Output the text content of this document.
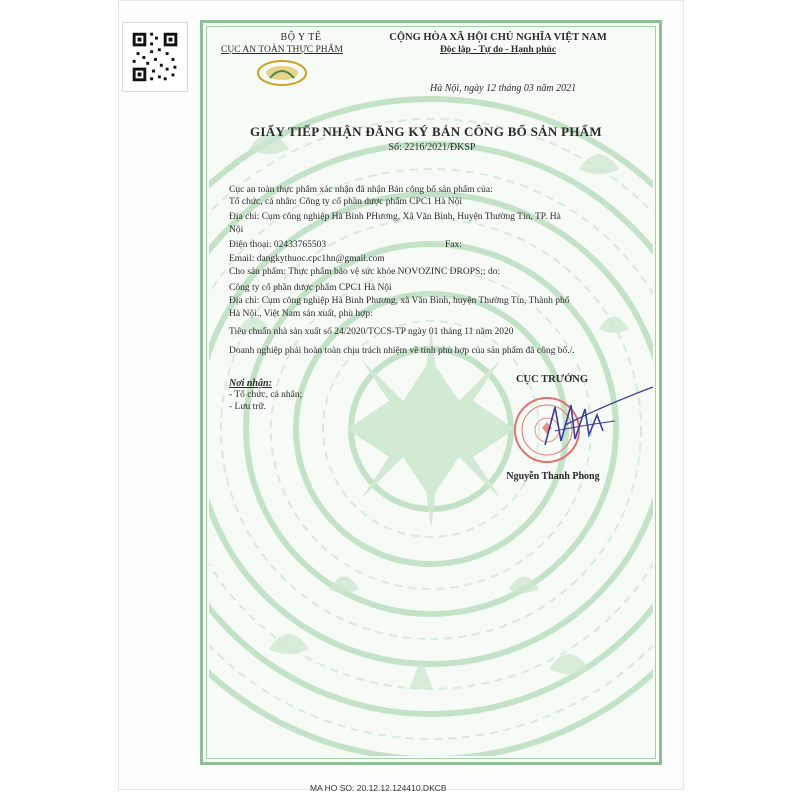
BỘ Y TẾ
CỤC AN TOÀN THỰC PHẨM
CỘNG HÒA XÃ HỘI CHỦ NGHĨA VIỆT NAM
Độc lập - Tự do - Hạnh phúc
Hà Nội, ngày 12 tháng 03 năm 2021
GIẤY TIẾP NHẬN ĐĂNG KÝ BẢN CÔNG BỐ SẢN PHẨM
Số: 2216/2021/ĐKSP
Cục an toàn thực phẩm xác nhận đã nhận Bản công bố sản phẩm của:
Tổ chức, cá nhân: Công ty cổ phần dược phẩm CPC1 Hà Nội
Địa chỉ: Cụm công nghiệp Hà Bình PHương, Xã Văn Bình, Huyện Thường Tín, TP. Hà
Nội
Điện thoại: 02433765503	Fax:
Email: dangkythuoc.cpc1hn@gmail.com
Cho sản phẩm: Thực phẩm bảo vệ sức khỏe NOVOZINC DROPS;; do:
Công ty cổ phần dược phẩm CPC1 Hà Nội
Địa chỉ: Cụm công nghiệp Hà Bình Phương, xã Văn Bình, huyện Thường Tín, Thành phố
Hà Nội., Việt Nam sản xuất, phù hợp:
Tiêu chuẩn nhà sản xuất số 24/2020/TCCS-TP ngày 01 tháng 11 năm 2020
Doanh nghiệp phải hoàn toàn chịu trách nhiệm về tính phù hợp của sản phẩm đã công bố./.
Nơi nhận:
- Tổ chức, cá nhân;
- Lưu trữ.
CỤC TRƯỞNG
Nguyễn Thanh Phong
MA HO SO: 20.12.12.124410.DKCB
